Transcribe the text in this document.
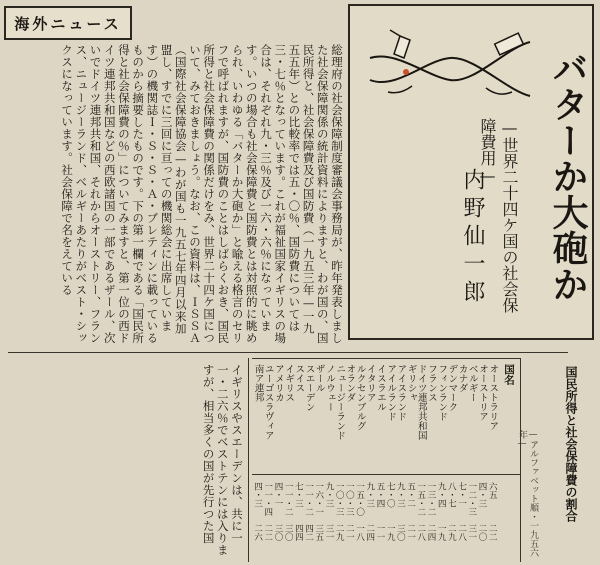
海外ニュース
総理府の社会保障制度審議会事務局が、昨年発表しました社会保障関係の統計資料によりますと、わが国の、国民所得と、社会保障費及び国防費（一九五三年—一九五五年）との比較率では五・〇％、国防費については三・七％となっています。これが福祉国家イギリスの場合は、それぞれ九・三％及び一六・六％になっています。いつの場合も社会保障費と国防費とは対照的に眺められ、いわゆる「バターか大砲か」と喩える格言のセリフで呼ばれますが、国防費のことはしばらくおき、国民所得と社会保障費の関係だけをみ、世界二十四ケ国について、みておきましょう。なお、この資料は、ＩＳＳＡ（国際社会保障協会—わが国も一九五七年四月以来加盟し、すでに三回に亘っての機関総会に出席しています）の機関誌Ｉ・Ｓ・Ｓ・Ａ・ブレティンに載っているものから摘要したものです。下の第一欄である「国民所得と社会保障費の％」についてみますと、第一位の西ドイツ連邦共和国などの西欧諸国の一部であるザール、次いでドイツ連邦共和国、それからオーストリー、フランス、ニュージーランド、ベルギーあたりがベスト・シックスになっています。社会保障で名をえている	バターか大砲か
—世界二十四ケ国の社会保障費用—
内野仙一郎
イギリスやスエーデンは、共に一一・二六％でベストテンには入りますが、相当多くの国が先行つた国	国名
オーストラリア
六五
二二
オーストリア
四・三
二〇
ベルギー
一二・三
三一
カナダ
七・一
二八
デンマーク
八・七
二九
フィンランド
九・四
一九
フランス
一三・二
二四
ドイツ連邦共和国
一五・二
二八
ギリシャ
五・二
二一
アイスランド
九・三
三〇
アイルランド
七・〇
一九
イスラエル
五・四
一一
イタリア
九・三
二四
ルクセンブルグ
一五・〇
一八
オランダ
一〇・三
二一
ニュージーランド
一〇・三
二九
ノルウェー
九・三
三一
ザール
一六・一
三五
スエーデン
一一・二
四二
スイス
七・三
四四
イギリス
一一・二
三〇
アメリカ
四・一
三〇
ユーゴスラヴィア
一一・四
二二
南ア連邦
四・三
二六	—アルファベット順・一九五六年—	国民所得と社会保障費の割合
